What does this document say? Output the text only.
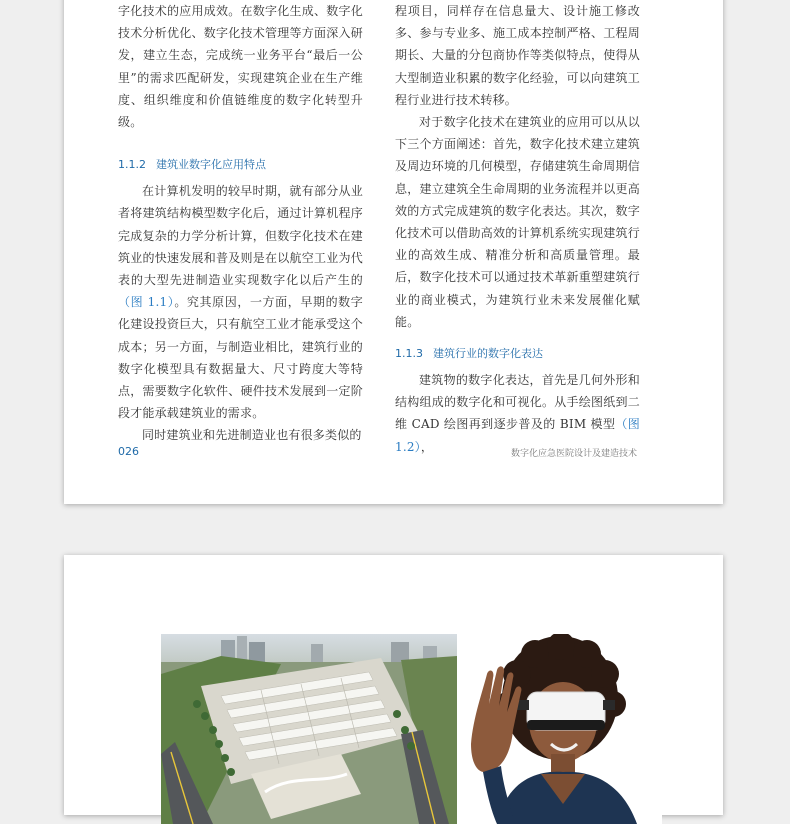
字化技术的应用成效。在数字化生成、数字化技术分析优化、数字化技术管理等方面深入研发，建立生态，完成统一业务平台“最后一公里”的需求匹配研发，实现建筑企业在生产维度、组织维度和价值链维度的数字化转型升级。

1.1.2 建筑业数字化应用特点

在计算机发明的较早时期，就有部分从业者将建筑结构模型数字化后，通过计算机程序完成复杂的力学分析计算，但数字化技术在建筑业的快速发展和普及则是在以航空工业为代表的大型先进制造业实现数字化以后产生的（图 1.1）。究其原因，一方面，早期的数字化建设投资巨大，只有航空工业才能承受这个成本；另一方面，与制造业相比，建筑行业的数字化模型具有数据量大、尺寸跨度大等特点，需要数字化软件、硬件技术发展到一定阶段才能承载建筑业的需求。

同时建筑业和先进制造业也有很多类似的

程项目，同样存在信息量大、设计施工修改多、参与专业多、施工成本控制严格、工程周期长、大量的分包商协作等类似特点，使得从大型制造业积累的数字化经验，可以向建筑工程行业进行技术转移。

对于数字化技术在建筑业的应用可以从以下三个方面阐述：首先，数字化技术建立建筑及周边环境的几何模型，存储建筑生命周期信息，建立建筑全生命周期的业务流程并以更高效的方式完成建筑的数字化表达。其次，数字化技术可以借助高效的计算机系统实现建筑行业的高效生成、精准分析和高质量管理。最后，数字化技术可以通过技术革新重塑建筑行业的商业模式，为建筑行业未来发展催化赋能。

1.1.3 建筑行业的数字化表达

建筑物的数字化表达，首先是几何外形和结构组成的数字化和可视化。从手绘图纸到二维 CAD 绘图再到逐步普及的 BIM 模型（图 1.2），

026	数字化应急医院设计及建造技术
